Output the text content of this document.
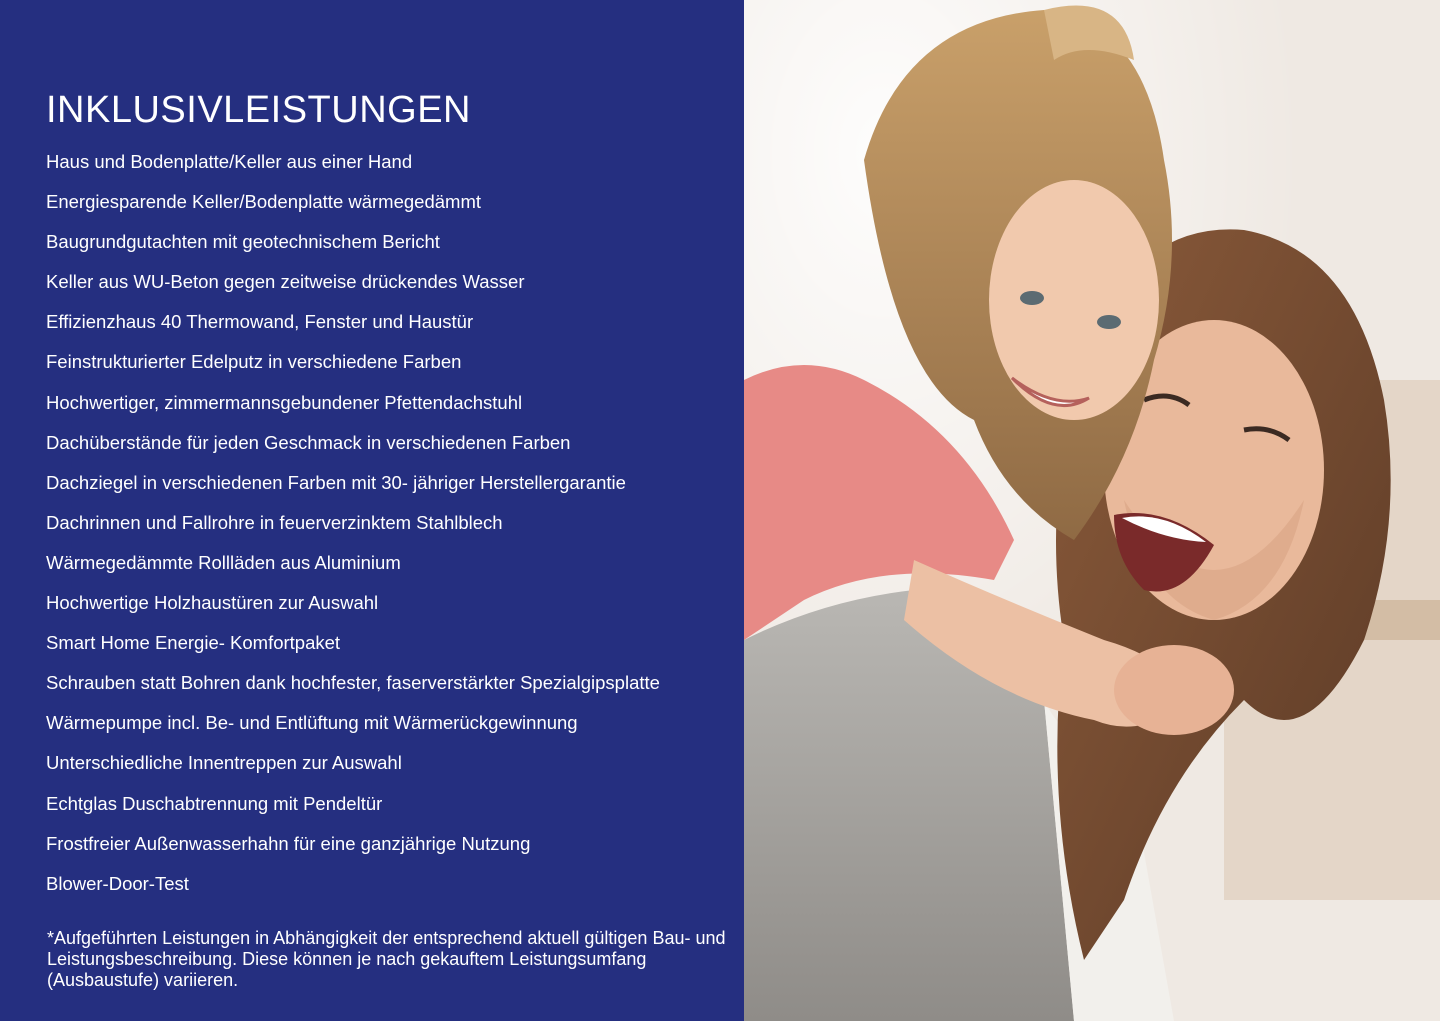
INKLUSIVLEISTUNGEN
Haus und Bodenplatte/Keller aus einer Hand
Energiesparende Keller/Bodenplatte wärmegedämmt
Baugrundgutachten mit geotechnischem Bericht
Keller aus WU-Beton gegen zeitweise drückendes Wasser
Effizienzhaus 40 Thermowand, Fenster und Haustür
Feinstrukturierter Edelputz in verschiedene Farben
Hochwertiger, zimmermannsgebundener Pfettendachstuhl
Dachüberstände für jeden Geschmack in verschiedenen Farben
Dachziegel in verschiedenen Farben mit 30- jähriger Herstellergarantie
Dachrinnen und Fallrohre in feuerverzinktem Stahlblech
Wärmegedämmte Rollläden aus Aluminium
Hochwertige Holzhaustüren zur Auswahl
Smart Home Energie- Komfortpaket
Schrauben statt Bohren dank hochfester, faserverstärkter Spezialgipsplatte
Wärmepumpe incl. Be- und Entlüftung mit Wärmerückgewinnung
Unterschiedliche Innentreppen zur Auswahl
Echtglas Duschabtrennung mit Pendeltür
Frostfreier Außenwasserhahn für eine ganzjährige Nutzung
Blower-Door-Test

*Aufgeführten Leistungen in Abhängigkeit der entsprechend aktuell gültigen Bau- und Leistungsbeschreibung. Diese können je nach gekauftem Leistungsumfang (Ausbaustufe) variieren.
